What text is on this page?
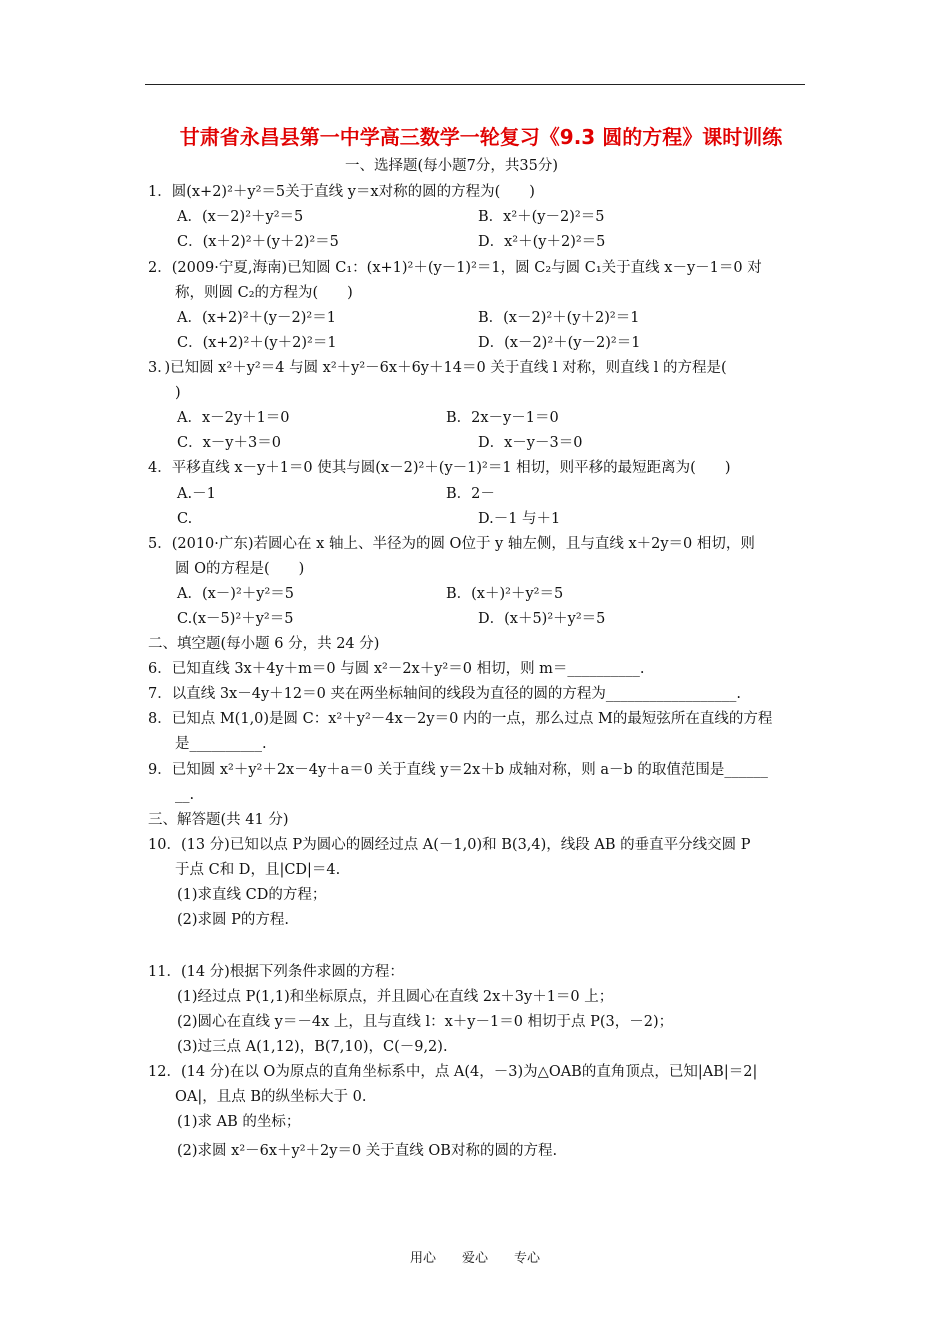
甘肃省永昌县第一中学高三数学一轮复习《9.3 圆的方程》课时训练
一、选择题(每小题7分，共35分)
1．圆(x+2)²＋y²＝5关于直线 y＝x对称的圆的方程为(　　)
A．(x－2)²＋y²＝5	B．x²＋(y－2)²＝5
C．(x＋2)²＋(y＋2)²＝5	D．x²＋(y＋2)²＝5
2．(2009·宁夏,海南)已知圆 C₁：(x+1)²＋(y－1)²＝1，圆 C₂与圆 C₁关于直线 x－y－1＝0 对
称，则圆 C₂的方程为(　　)
A．(x+2)²＋(y－2)²＝1	B．(x－2)²＋(y＋2)²＝1
C．(x+2)²＋(y＋2)²＝1	D．(x－2)²＋(y－2)²＝1
3．)已知圆 x²＋y²＝4 与圆 x²＋y²－6x＋6y＋14＝0 关于直线 l 对称，则直线 l 的方程是(
)
A．x－2y＋1＝0	B．2x－y－1＝0
C．x－y＋3＝0	D．x－y－3＝0
4．平移直线 x－y＋1＝0 使其与圆(x－2)²＋(y－1)²＝1 相切，则平移的最短距离为(　　)
A.－1	B．2－
C.	D.－1 与＋1
5．(2010·广东)若圆心在 x 轴上、半径为的圆 O位于 y 轴左侧，且与直线 x＋2y＝0 相切，则
圆 O的方程是(　　)
A．(x－)²＋y²＝5	B．(x＋)²＋y²＝5
C.(x－5)²＋y²＝5	D．(x＋5)²＋y²＝5
二、填空题(每小题 6 分，共 24 分)
6．已知直线 3x＋4y＋m＝0 与圆 x²－2x＋y²＝0 相切，则 m＝__________.
7．以直线 3x－4y＋12＝0 夹在两坐标轴间的线段为直径的圆的方程为__________________.
8．已知点 M(1,0)是圆 C：x²＋y²－4x－2y＝0 内的一点，那么过点 M的最短弦所在直线的方程
是__________.
9．已知圆 x²＋y²＋2x－4y＋a＝0 关于直线 y＝2x＋b 成轴对称，则 a－b 的取值范围是______
__.
三、解答题(共 41 分)
10．(13 分)已知以点 P为圆心的圆经过点 A(－1,0)和 B(3,4)，线段 AB 的垂直平分线交圆 P
于点 C和 D，且|CD|＝4.
(1)求直线 CD的方程；
(2)求圆 P的方程.
11．(14 分)根据下列条件求圆的方程：
(1)经过点 P(1,1)和坐标原点，并且圆心在直线 2x＋3y＋1＝0 上；
(2)圆心在直线 y＝－4x 上，且与直线 l：x＋y－1＝0 相切于点 P(3，－2)；
(3)过三点 A(1,12)，B(7,10)，C(－9,2).
12．(14 分)在以 O为原点的直角坐标系中，点 A(4，－3)为△OAB的直角顶点，已知|AB|＝2|
OA|，且点 B的纵坐标大于 0.
(1)求 AB 的坐标；
(2)求圆 x²－6x＋y²＋2y＝0 关于直线 OB对称的圆的方程.
用心　　爱心　　专心
